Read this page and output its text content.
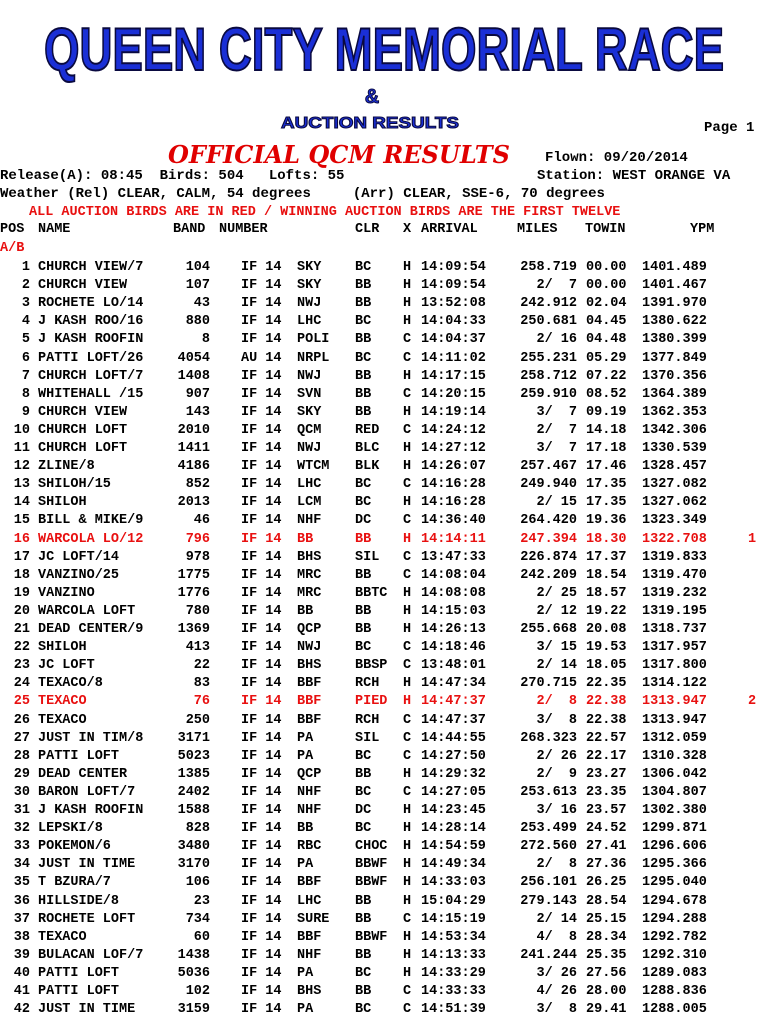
QUEEN CITY MEMORIAL RACE
&
AUCTION RESULTS	Page 1
OFFICIAL QCM RESULTS	Flown: 09/20/2014
Release(A): 08:45  Birds: 504   Lofts: 55	Station: WEST ORANGE VA
Weather (Rel) CLEAR, CALM, 54 degrees     (Arr) CLEAR, SSE-6, 70 degrees
ALL AUCTION BIRDS ARE IN RED / WINNING AUCTION BIRDS ARE THE FIRST TWELVE
POS NAME	BAND NUMBER	CLR X ARRIVAL	MILES TOWIN	YPM
A/B
1 CHURCH VIEW/7	104 IF 14 SKY BC H 14:09:54	258.719 00.00 1401.489
2 CHURCH VIEW	107 IF 14 SKY BB H 14:09:54	2/  7 00.00 1401.467
3 ROCHETE LO/14	43 IF 14 NWJ BB H 13:52:08	242.912 02.04 1391.970
4 J KASH ROO/16	880 IF 14 LHC BC H 14:04:33	250.681 04.45 1380.622
5 J KASH ROOFIN	8 IF 14 POLI BB C 14:04:37	2/ 16 04.48 1380.399
6 PATTI LOFT/26	4054 AU 14 NRPL BC C 14:11:02	255.231 05.29 1377.849
7 CHURCH LOFT/7	1408 IF 14 NWJ BB H 14:17:15	258.712 07.22 1370.356
8 WHITEHALL /15	907 IF 14 SVN BB C 14:20:15	259.910 08.52 1364.389
9 CHURCH VIEW	143 IF 14 SKY BB H 14:19:14	3/  7 09.19 1362.353
10 CHURCH LOFT	2010 IF 14 QCM RED C 14:24:12	2/  7 14.18 1342.306
11 CHURCH LOFT	1411 IF 14 NWJ BLC H 14:27:12	3/  7 17.18 1330.539
12 ZLINE/8	4186 IF 14 WTCM BLK H 14:26:07	257.467 17.46 1328.457
13 SHILOH/15	852 IF 14 LHC BC C 14:16:28	249.940 17.35 1327.082
14 SHILOH	2013 IF 14 LCM BC H 14:16:28	2/ 15 17.35 1327.062
15 BILL & MIKE/9	46 IF 14 NHF DC C 14:36:40	264.420 19.36 1323.349
16 WARCOLA LO/12	796 IF 14 BB	BB H 14:14:11	247.394 18.30 1322.708	1
17 JC LOFT/14	978 IF 14 BHS SIL C 13:47:33	226.874 17.37 1319.833
18 VANZINO/25	1775 IF 14 MRC BB C 14:08:04	242.209 18.54 1319.470
19 VANZINO	1776 IF 14 MRC BBTC H 14:08:08	2/ 25 18.57 1319.232
20 WARCOLA LOFT	780 IF 14 BB	BB H 14:15:03	2/ 12 19.22 1319.195
21 DEAD CENTER/9	1369 IF 14 QCP BB H 14:26:13	255.668 20.08 1318.737
22 SHILOH	413 IF 14 NWJ BC C 14:18:46	3/ 15 19.53 1317.957
23 JC LOFT	22 IF 14 BHS BBSP C 13:48:01	2/ 14 18.05 1317.800
24 TEXACO/8	83 IF 14 BBF RCH H 14:47:34	270.715 22.35 1314.122
25 TEXACO	76 IF 14 BBF PIED H 14:47:37	2/  8 22.38 1313.947	2
26 TEXACO	250 IF 14 BBF RCH C 14:47:37	3/  8 22.38 1313.947
27 JUST IN TIM/8	3171 IF 14 PA	SIL C 14:44:55	268.323 22.57 1312.059
28 PATTI LOFT	5023 IF 14 PA	BC C 14:27:50	2/ 26 22.17 1310.328
29 DEAD CENTER	1385 IF 14 QCP BB H 14:29:32	2/  9 23.27 1306.042
30 BARON LOFT/7	2402 IF 14 NHF BC C 14:27:05	253.613 23.35 1304.807
31 J KASH ROOFIN	1588 IF 14 NHF DC H 14:23:45	3/ 16 23.57 1302.380
32 LEPSKI/8	828 IF 14 BB	BC H 14:28:14	253.499 24.52 1299.871
33 POKEMON/6	3480 IF 14 RBC CHOC H 14:54:59	272.560 27.41 1296.606
34 JUST IN TIME	3170 IF 14 PA	BBWF H 14:49:34	2/  8 27.36 1295.366
35 T BZURA/7	106 IF 14 BBF BBWF H 14:33:03	256.101 26.25 1295.040
36 HILLSIDE/8	23 IF 14 LHC BB H 15:04:29	279.143 28.54 1294.678
37 ROCHETE LOFT	734 IF 14 SURE BB C 14:15:19	2/ 14 25.15 1294.288
38 TEXACO	60 IF 14 BBF BBWF H 14:53:34	4/  8 28.34 1292.782
39 BULACAN LOF/7	1438 IF 14 NHF BB H 14:13:33	241.244 25.35 1292.310
40 PATTI LOFT	5036 IF 14 PA	BC H 14:33:29	3/ 26 27.56 1289.083
41 PATTI LOFT	102 IF 14 BHS BB C 14:33:33	4/ 26 28.00 1288.836
42 JUST IN TIME	3159 IF 14 PA	BC C 14:51:39	3/  8 29.41 1288.005
